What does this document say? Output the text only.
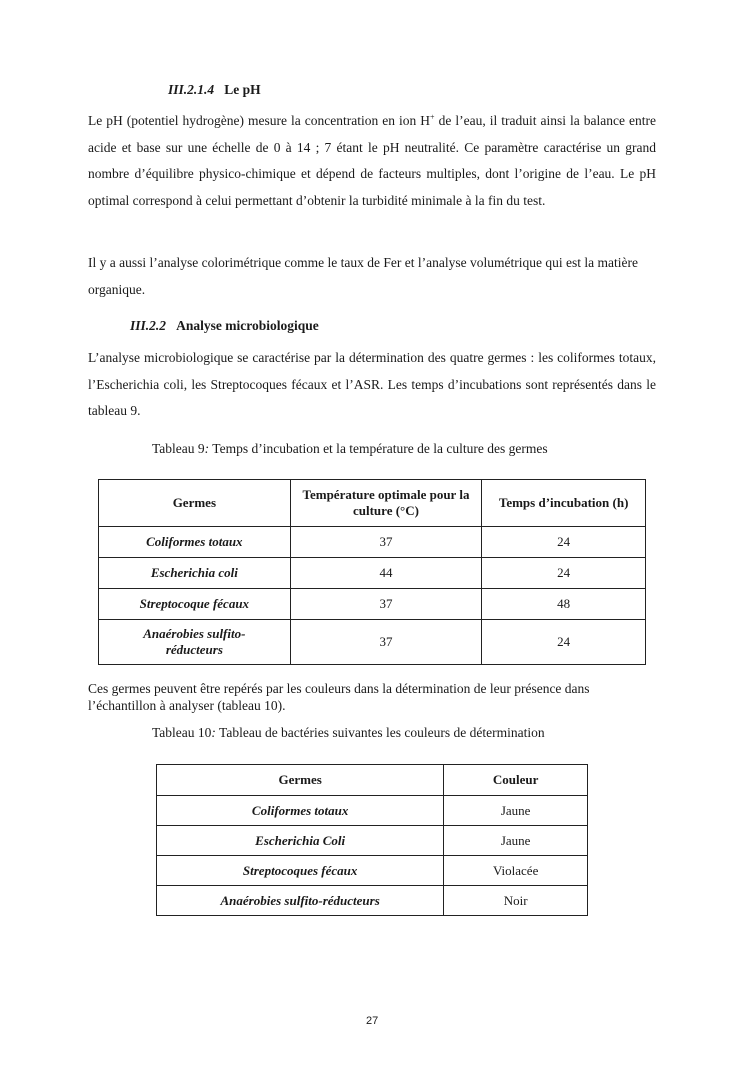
III.2.1.4 Le pH

Le pH (potentiel hydrogène) mesure la concentration en ion H+ de l’eau, il traduit ainsi la balance entre acide et base sur une échelle de 0 à 14 ; 7 étant le pH neutralité. Ce paramètre caractérise un grand nombre d’équilibre physico-chimique et dépend de facteurs multiples, dont l’origine de l’eau. Le pH optimal correspond à celui permettant d’obtenir la turbidité minimale à la fin du test.

Il y a aussi l’analyse colorimétrique comme le taux de Fer et l’analyse volumétrique qui est la matière organique.

III.2.2 Analyse microbiologique

L’analyse microbiologique se caractérise par la détermination des quatre germes : les coliformes totaux, l’Escherichia coli, les Streptocoques fécaux et l’ASR. Les temps d’incubations sont représentés dans le tableau 9.

Tableau 9: Temps d’incubation et la température de la culture des germes
Germes	Température optimale pour la culture (°C)	Temps d’incubation (h)
Coliformes totaux	37	24
Escherichia coli	44	24
Streptocoque fécaux	37	48
Anaérobies sulfito-réducteurs	37	24

Ces germes peuvent être repérés par les couleurs dans la détermination de leur présence dans l’échantillon à analyser (tableau 10).

Tableau 10: Tableau de bactéries suivantes les couleurs de détermination
Germes	Couleur
Coliformes totaux	Jaune
Escherichia Coli	Jaune
Streptocoques fécaux	Violacée
Anaérobies sulfito-réducteurs	Noir
27
